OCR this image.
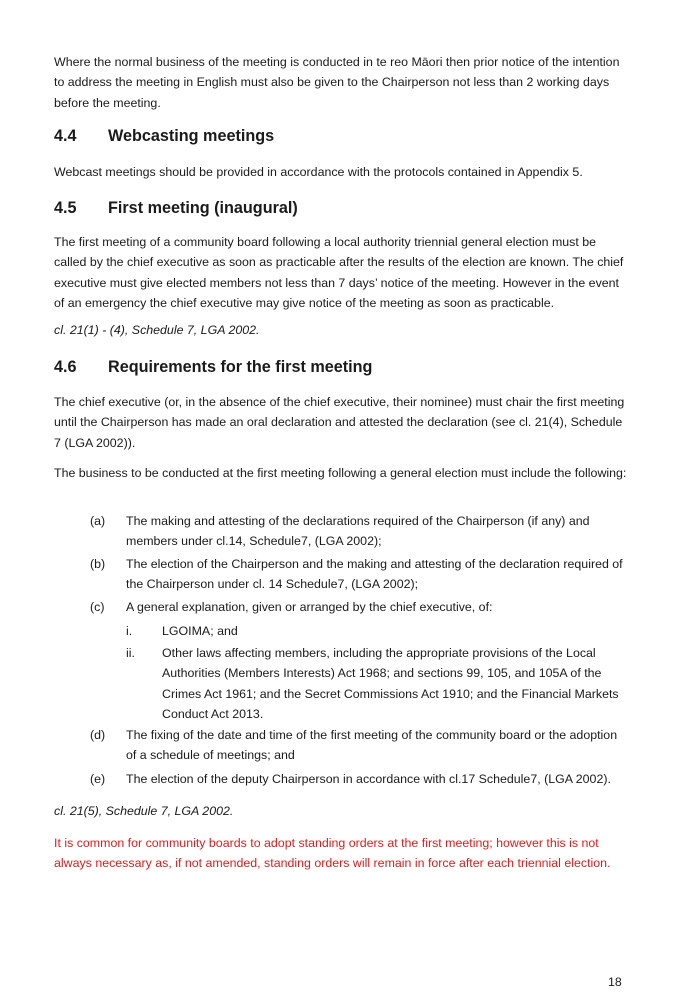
Where the normal business of the meeting is conducted in te reo Māori then prior notice of the intention to address the meeting in English must also be given to the Chairperson not less than 2 working days before the meeting.

4.4 Webcasting meetings

Webcast meetings should be provided in accordance with the protocols contained in Appendix 5.

4.5 First meeting (inaugural)

The first meeting of a community board following a local authority triennial general election must be called by the chief executive as soon as practicable after the results of the election are known. The chief executive must give elected members not less than 7 days’ notice of the meeting. However in the event of an emergency the chief executive may give notice of the meeting as soon as practicable.

cl. 21(1) - (4), Schedule 7, LGA 2002.

4.6 Requirements for the first meeting

The chief executive (or, in the absence of the chief executive, their nominee) must chair the first meeting until the Chairperson has made an oral declaration and attested the declaration (see cl. 21(4), Schedule 7 (LGA 2002)).

The business to be conducted at the first meeting following a general election must include the following:

(a) The making and attesting of the declarations required of the Chairperson (if any) and members under cl.14, Schedule7, (LGA 2002);
(b) The election of the Chairperson and the making and attesting of the declaration required of the Chairperson under cl. 14 Schedule7, (LGA 2002);
(c) A general explanation, given or arranged by the chief executive, of:
i. LGOIMA; and
ii. Other laws affecting members, including the appropriate provisions of the Local Authorities (Members Interests) Act 1968; and sections 99, 105, and 105A of the Crimes Act 1961; and the Secret Commissions Act 1910; and the Financial Markets Conduct Act 2013.
(d) The fixing of the date and time of the first meeting of the community board or the adoption of a schedule of meetings; and
(e) The election of the deputy Chairperson in accordance with cl.17 Schedule7, (LGA 2002).

cl. 21(5), Schedule 7, LGA 2002.

It is common for community boards to adopt standing orders at the first meeting; however this is not always necessary as, if not amended, standing orders will remain in force after each triennial election.

18
